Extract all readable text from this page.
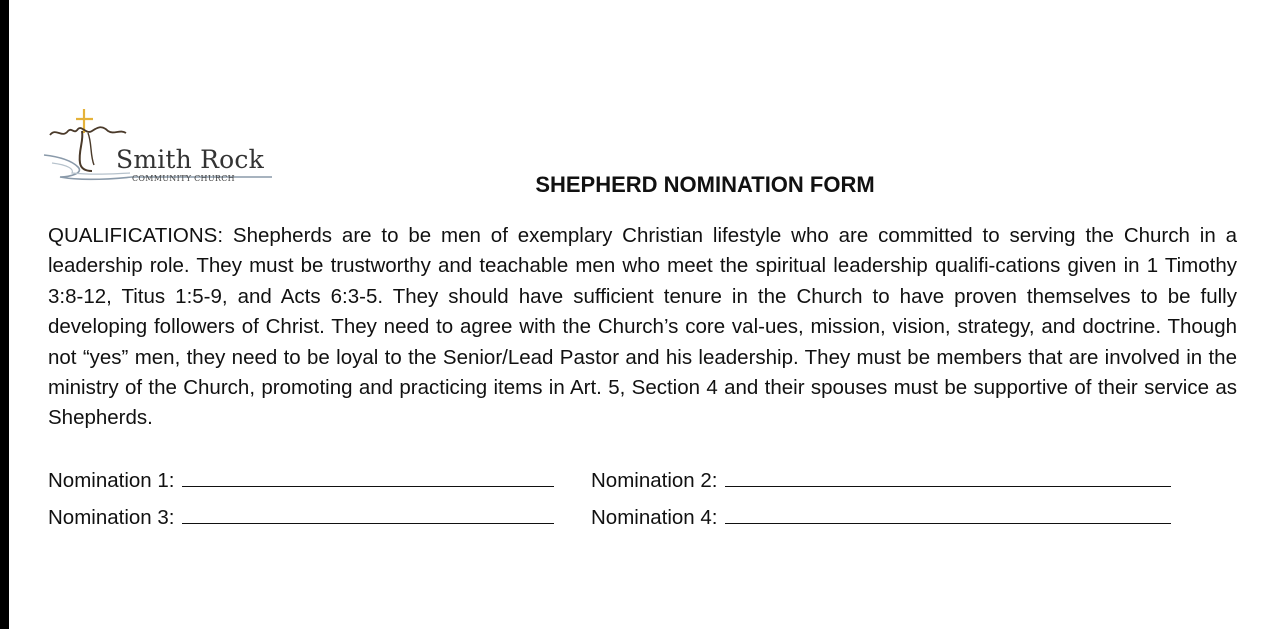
Smith Rock
COMMUNITY CHURCH	SHEPHERD NOMINATION FORM

QUALIFICATIONS: Shepherds are to be men of exemplary Christian lifestyle who are committed to serving the Church in a leadership role. They must be trustworthy and teachable men who meet the spiritual leadership qualifi-cations given in 1 Timothy 3:8-12, Titus 1:5-9, and Acts 6:3-5. They should have sufficient tenure in the Church to have proven themselves to be fully developing followers of Christ. They need to agree with the Church’s core val-ues, mission, vision, strategy, and doctrine. Though not “yes” men, they need to be loyal to the Senior/Lead Pastor and his leadership. They must be members that are involved in the ministry of the Church, promoting and practicing items in Art. 5, Section 4 and their spouses must be supportive of their service as Shepherds.

Nomination 1:	Nomination 2:
Nomination 3:	Nomination 4:
